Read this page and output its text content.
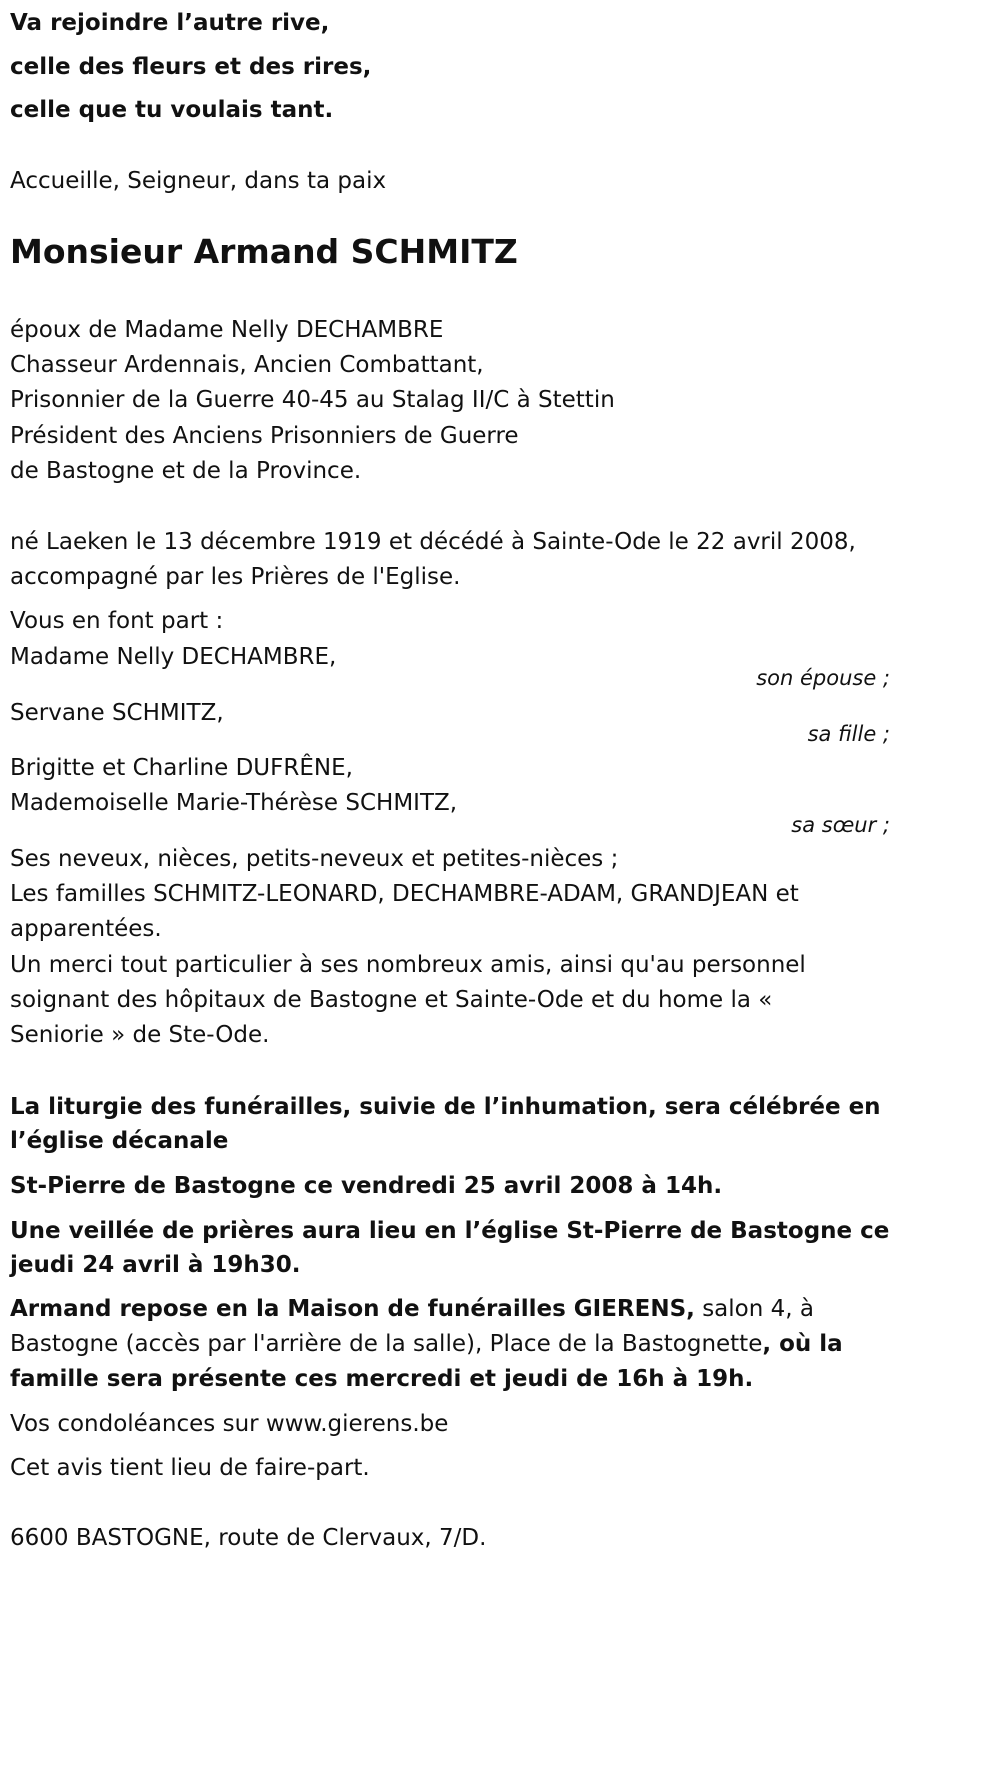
Va rejoindre l’autre rive,
celle des fleurs et des rires,
celle que tu voulais tant.
Accueille, Seigneur, dans ta paix
Monsieur Armand SCHMITZ
époux de Madame Nelly DECHAMBRE
Chasseur Ardennais, Ancien Combattant,
Prisonnier de la Guerre 40-45 au Stalag II/C à Stettin
Président des Anciens Prisonniers de Guerre
de Bastogne et de la Province.
né Laeken le 13 décembre 1919 et décédé à Sainte-Ode le 22 avril 2008,
accompagné par les Prières de l'Eglise.
Vous en font part :
Madame Nelly DECHAMBRE,
son épouse ;
Servane SCHMITZ,
sa fille ;
Brigitte et Charline DUFRÊNE,
Mademoiselle Marie-Thérèse SCHMITZ,
sa sœur ;
Ses neveux, nièces, petits-neveux et petites-nièces ;
Les familles SCHMITZ-LEONARD, DECHAMBRE-ADAM, GRANDJEAN et
apparentées.
Un merci tout particulier à ses nombreux amis, ainsi qu'au personnel
soignant des hôpitaux de Bastogne et Sainte-Ode et du home la «
Seniorie » de Ste-Ode.
La liturgie des funérailles, suivie de l’inhumation, sera célébrée en
l’église décanale
St-Pierre de Bastogne ce vendredi 25 avril 2008 à 14h.
Une veillée de prières aura lieu en l’église St-Pierre de Bastogne ce
jeudi 24 avril à 19h30.
Armand repose en la Maison de funérailles GIERENS, salon 4, à
Bastogne (accès par l'arrière de la salle), Place de la Bastognette, où la
famille sera présente ces mercredi et jeudi de 16h à 19h.
Vos condoléances sur www.gierens.be
Cet avis tient lieu de faire-part.
6600 BASTOGNE, route de Clervaux, 7/D.
